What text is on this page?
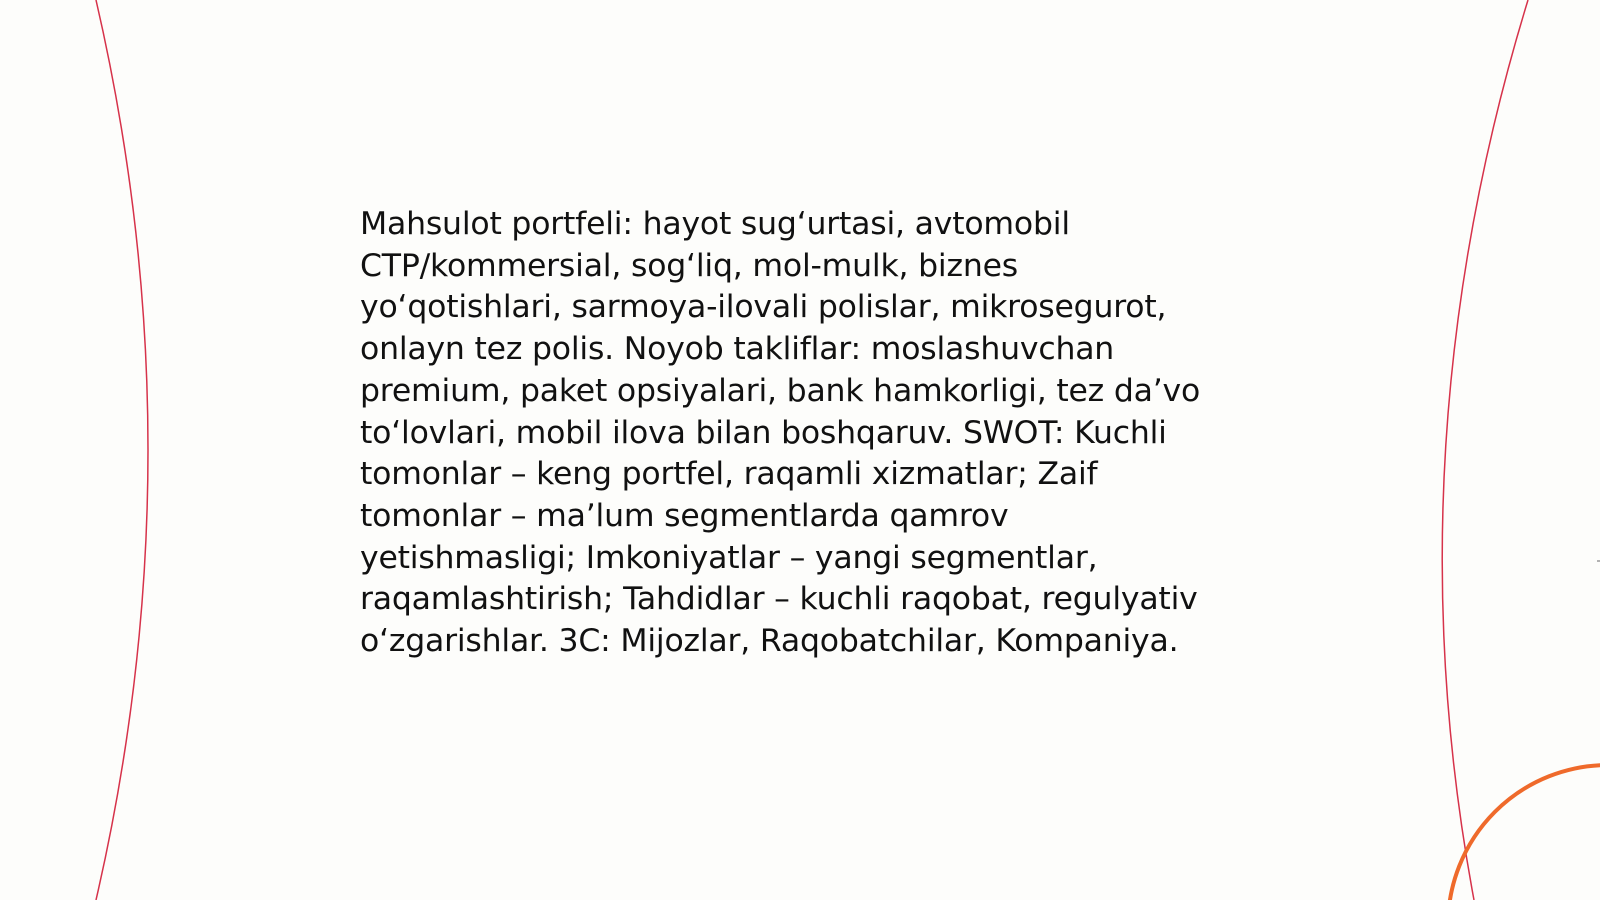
Mahsulot portfeli: hayot sug‘urtasi, avtomobil
CTP/kommersial, sog‘liq, mol-mulk, biznes
yo‘qotishlari, sarmoya-ilovali polislar, mikrosegurot,
onlayn tez polis. Noyob takliflar: moslashuvchan
premium, paket opsiyalari, bank hamkorligi, tez da’vo
to‘lovlari, mobil ilova bilan boshqaruv. SWOT: Kuchli
tomonlar – keng portfel, raqamli xizmatlar; Zaif
tomonlar – ma’lum segmentlarda qamrov
yetishmasligi; Imkoniyatlar – yangi segmentlar,
raqamlashtirish; Tahdidlar – kuchli raqobat, regulyativ
o‘zgarishlar. 3C: Mijozlar, Raqobatchilar, Kompaniya.
